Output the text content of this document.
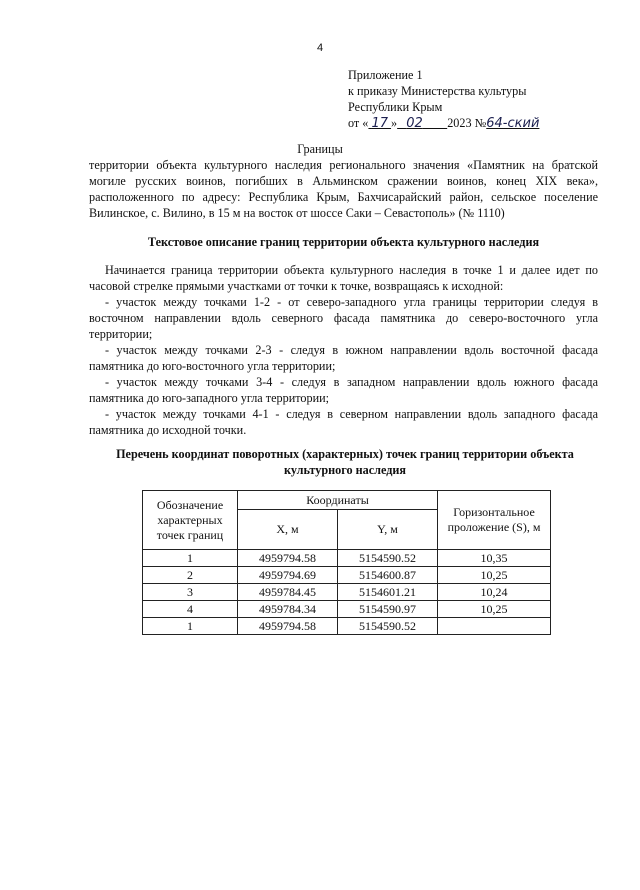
4
Приложение 1
к приказу Министерства культуры
Республики Крым
от « 17 » 02 2023 №64-ский
Границы
территории объекта культурного наследия регионального значения «Памятник на братской могиле русских воинов, погибших в Альминском сражении воинов, конец XIX века», расположенного по адресу: Республика Крым, Бахчисарайский район, сельское поселение Вилинское, с. Вилино, в 15 м на восток от шоссе Саки – Севастополь» (№ 1110)
Текстовое описание границ территории объекта культурного наследия

Начинается граница территории объекта культурного наследия в точке 1 и далее идет по часовой стрелке прямыми участками от точки к точке, возвращаясь к исходной:

- участок между точками 1-2 - от северо-западного угла границы территории следуя в восточном направлении вдоль северного фасада памятника до северо-восточного угла территории;

- участок между точками 2-3 - следуя в южном направлении вдоль восточной фасада памятника до юго-восточного угла территории;

- участок между точками 3-4 - следуя в западном направлении вдоль южного фасада памятника до юго-западного угла территории;

- участок между точками 4-1 - следуя в северном направлении вдоль западного фасада памятника до исходной точки.

Перечень координат поворотных (характерных) точек границ территории объекта культурного наследия
Обозначение характерных точек границ	Координаты		Горизонтальное проложение (S), м
	X, м	Y, м	
1	4959794.58	5154590.52	10,35
2	4959794.69	5154600.87	10,25
3	4959784.45	5154601.21	10,24
4	4959784.34	5154590.97	10,25
1	4959794.58	5154590.52	
